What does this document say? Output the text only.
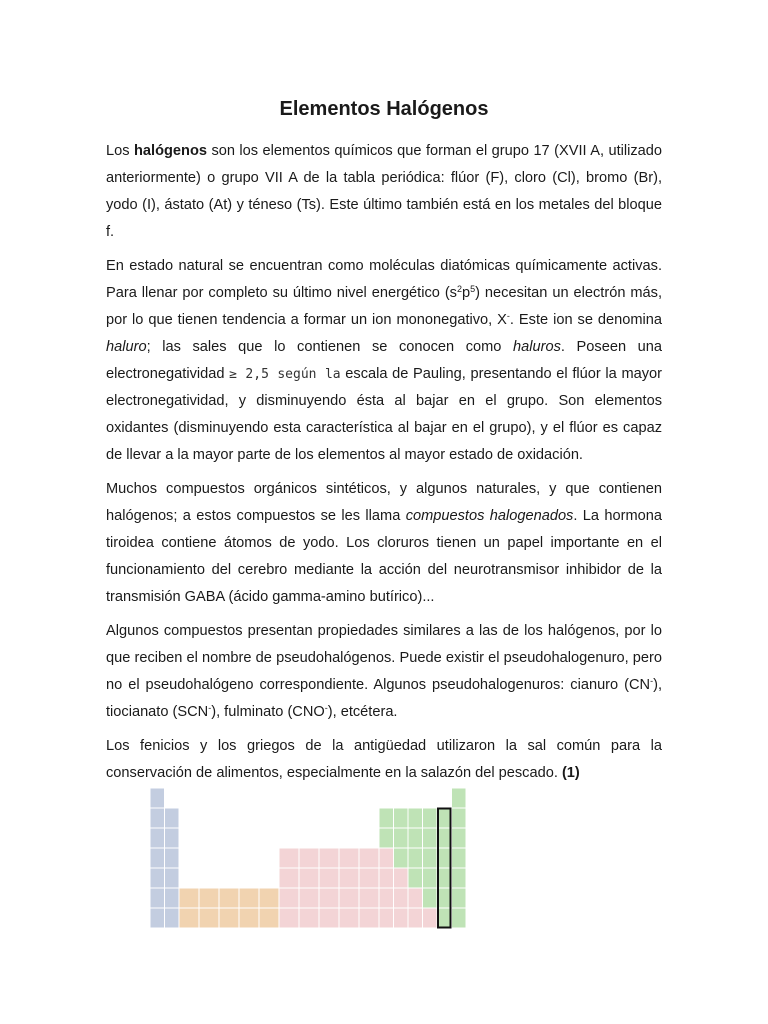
Elementos Halógenos

Los halógenos son los elementos químicos que forman el grupo 17 (XVII A, utilizado anteriormente) o grupo VII A de la tabla periódica: flúor (F), cloro (Cl), bromo (Br), yodo (I), ástato (At) y téneso (Ts). Este último también está en los metales del bloque f.

En estado natural se encuentran como moléculas diatómicas químicamente activas. Para llenar por completo su último nivel energético $(s^2p^5)$ necesitan un electrón más, por lo que tienen tendencia a formar un ion mononegativo, X-. Este ion se denomina haluro; las sales que lo contienen se conocen como haluros. Poseen una electronegatividad ≥ 2,5 según la escala de Pauling, presentando el flúor la mayor electronegatividad, y disminuyendo ésta al bajar en el grupo. Son elementos oxidantes (disminuyendo esta característica al bajar en el grupo), y el flúor es capaz de llevar a la mayor parte de los elementos al mayor estado de oxidación.

Muchos compuestos orgánicos sintéticos, y algunos naturales, y que contienen halógenos; a estos compuestos se les llama compuestos halogenados. La hormona tiroidea contiene átomos de yodo. Los cloruros tienen un papel importante en el funcionamiento del cerebro mediante la acción del neurotransmisor inhibidor de la transmisión GABA (ácido gamma-amino butírico)...

Algunos compuestos presentan propiedades similares a las de los halógenos, por lo que reciben el nombre de pseudohalógenos. Puede existir el pseudohalogenuro, pero no el pseudohalógeno correspondiente. Algunos pseudohalogenuros: cianuro (CN-), tiocianato (SCN-), fulminato (CNO-), etcétera.

Los fenicios y los griegos de la antigüedad utilizaron la sal común para la conservación de alimentos, especialmente en la salazón del pescado. (1)
